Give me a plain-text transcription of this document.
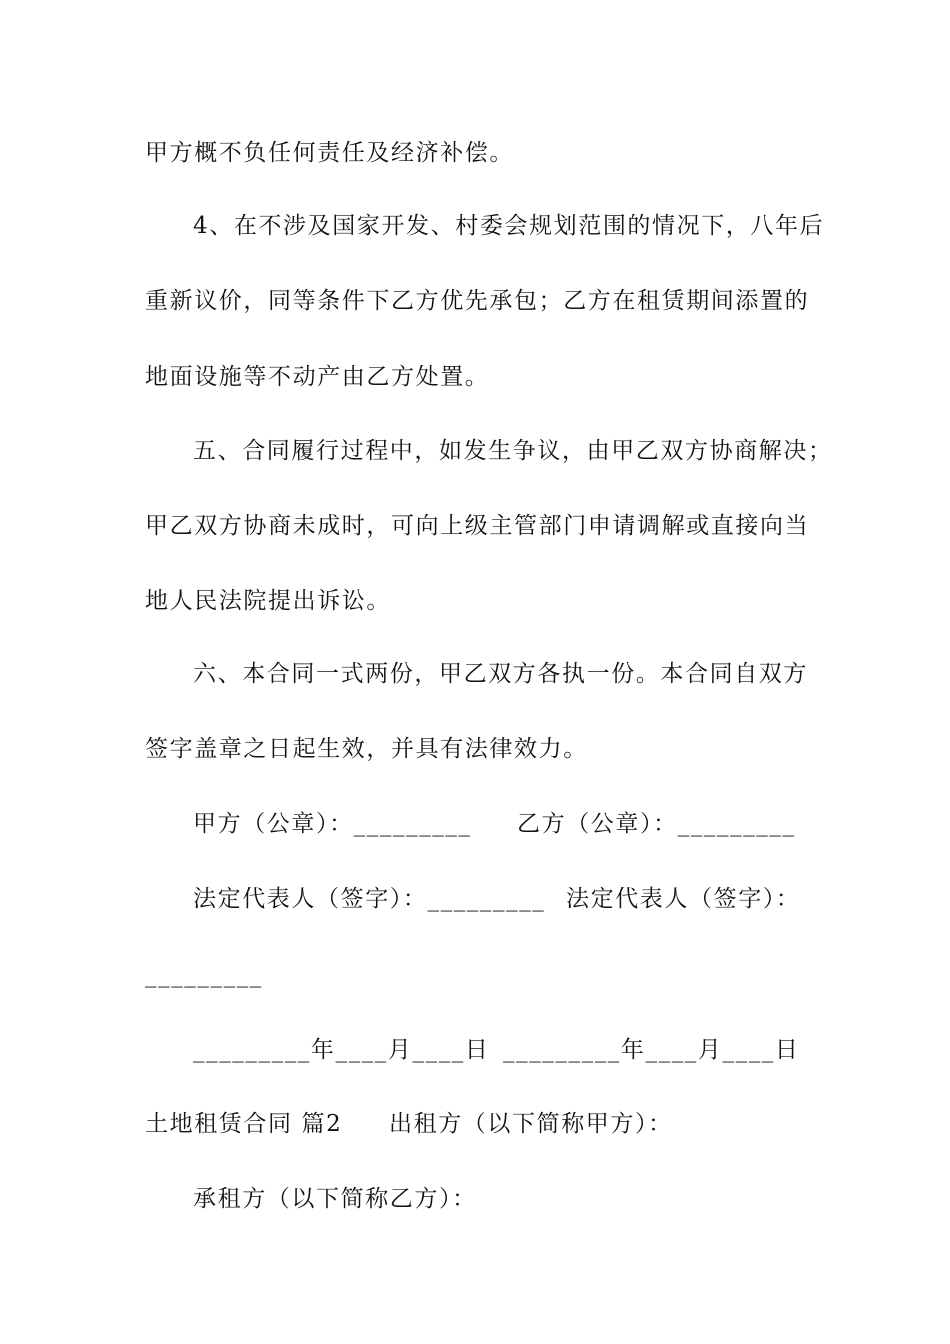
甲方概不负任何责任及经济补偿。
4、在不涉及国家开发、村委会规划范围的情况下，八年后
重新议价，同等条件下乙方优先承包；乙方在租赁期间添置的
地面设施等不动产由乙方处置。
五、合同履行过程中，如发生争议，由甲乙双方协商解决；
甲乙双方协商未成时，可向上级主管部门申请调解或直接向当
地人民法院提出诉讼。
六、本合同一式两份，甲乙双方各执一份。本合同自双方
签字盖章之日起生效，并具有法律效力。
甲方（公章）：_________ 乙方（公章）：_________
法定代表人（签字）：_________ 法定代表人（签字）：
_________
_________年____月____日 _________年____月____日
土地租赁合同 篇2 出租方（以下简称甲方）：
承租方（以下简称乙方）：
